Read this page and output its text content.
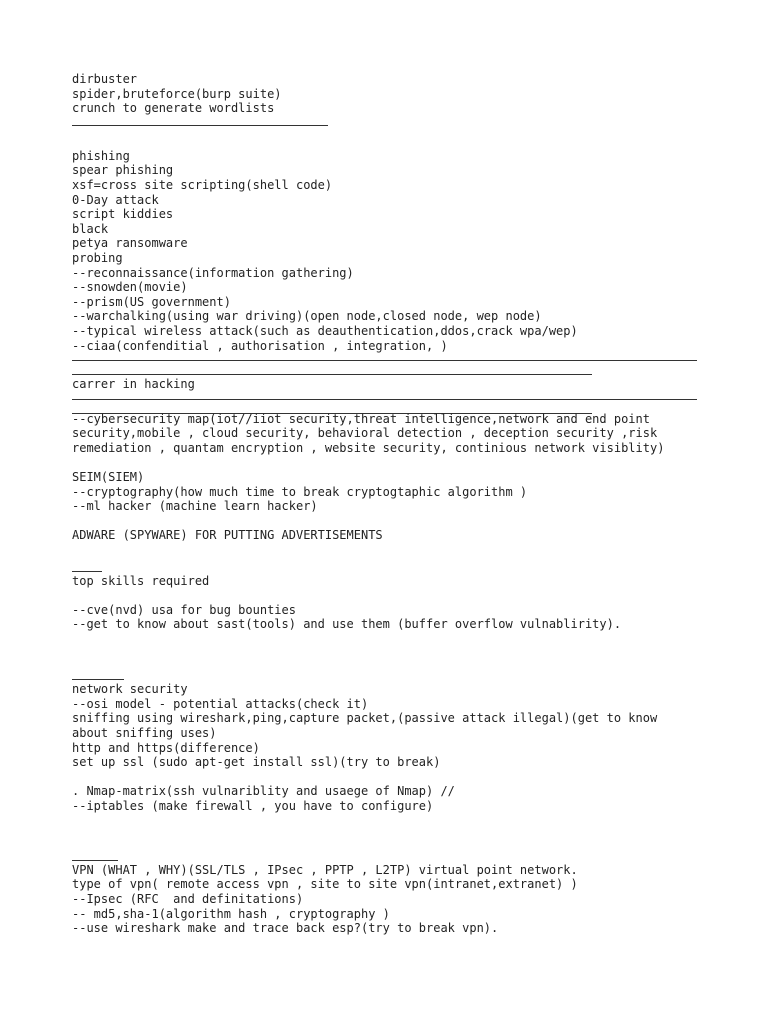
dirbuster
spider,bruteforce(burp suite)
crunch to generate wordlists
phishing
spear phishing
xsf=cross site scripting(shell code)
0-Day attack
script kiddies
black
petya ransomware
probing
--reconnaissance(information gathering)
--snowden(movie)
--prism(US government)
--warchalking(using war driving)(open node,closed node, wep node)
--typical wireless attack(such as deauthentication,ddos,crack wpa/wep)
--ciaa(confenditial , authorisation , integration, )
carrer in hacking
--cybersecurity map(iot//iiot security,threat intelligence,network and end point
security,mobile , cloud security, behavioral detection , deception security ,risk
remediation , quantam encryption , website security, continious network visiblity)
SEIM(SIEM)
--cryptography(how much time to break cryptogtaphic algorithm )
--ml hacker (machine learn hacker)
ADWARE (SPYWARE) FOR PUTTING ADVERTISEMENTS
top skills required
--cve(nvd) usa for bug bounties
--get to know about sast(tools) and use them (buffer overflow vulnablirity).
network security
--osi model - potential attacks(check it)
sniffing using wireshark,ping,capture packet,(passive attack illegal)(get to know
about sniffing uses)
http and https(difference)
set up ssl (sudo apt-get install ssl)(try to break)
. Nmap-matrix(ssh vulnariblity and usaege of Nmap) //
--iptables (make firewall , you have to configure)
VPN (WHAT , WHY)(SSL/TLS , IPsec , PPTP , L2TP) virtual point network.
type of vpn( remote access vpn , site to site vpn(intranet,extranet) )
--Ipsec (RFC  and definitations)
-- md5,sha-1(algorithm hash , cryptography )
--use wireshark make and trace back esp?(try to break vpn).
